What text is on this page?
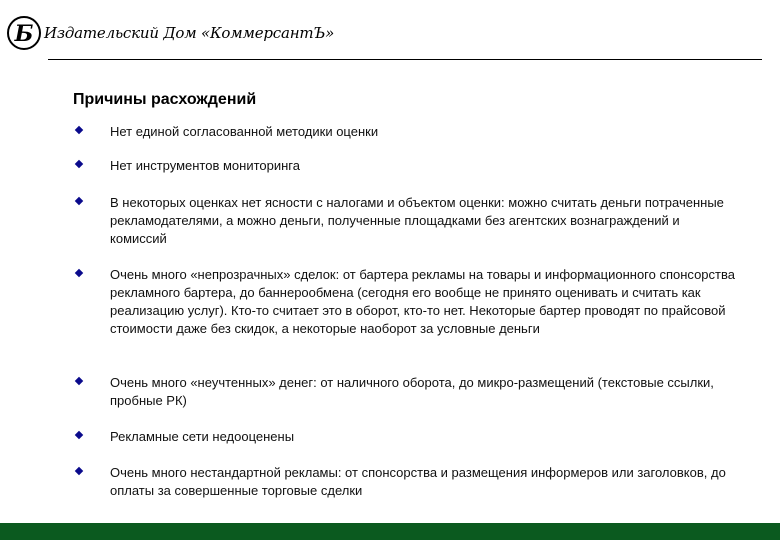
Б Издательский Дом «КоммерсантЪ»
Причины расхождений
Нет единой согласованной методики оценки
Нет инструментов мониторинга
В некоторых оценках нет ясности с налогами и объектом оценки: можно считать деньги потраченные рекламодателями, а можно деньги, полученные площадками без агентских вознаграждений и комиссий
Очень много «непрозрачных» сделок: от бартера рекламы на товары и информационного спонсорства рекламного бартера, до баннерообмена (сегодня его вообще не принято оценивать и считать как реализацию услуг). Кто-то считает это в оборот, кто-то нет. Некоторые бартер проводят по прайсовой стоимости даже без скидок, а некоторые наоборот за условные деньги
Очень много «неучтенных» денег: от наличного оборота, до микро-размещений (текстовые ссылки, пробные РК)
Рекламные сети недооценены
Очень много нестандартной рекламы: от спонсорства и размещения информеров или заголовков, до оплаты за совершенные торговые сделки
